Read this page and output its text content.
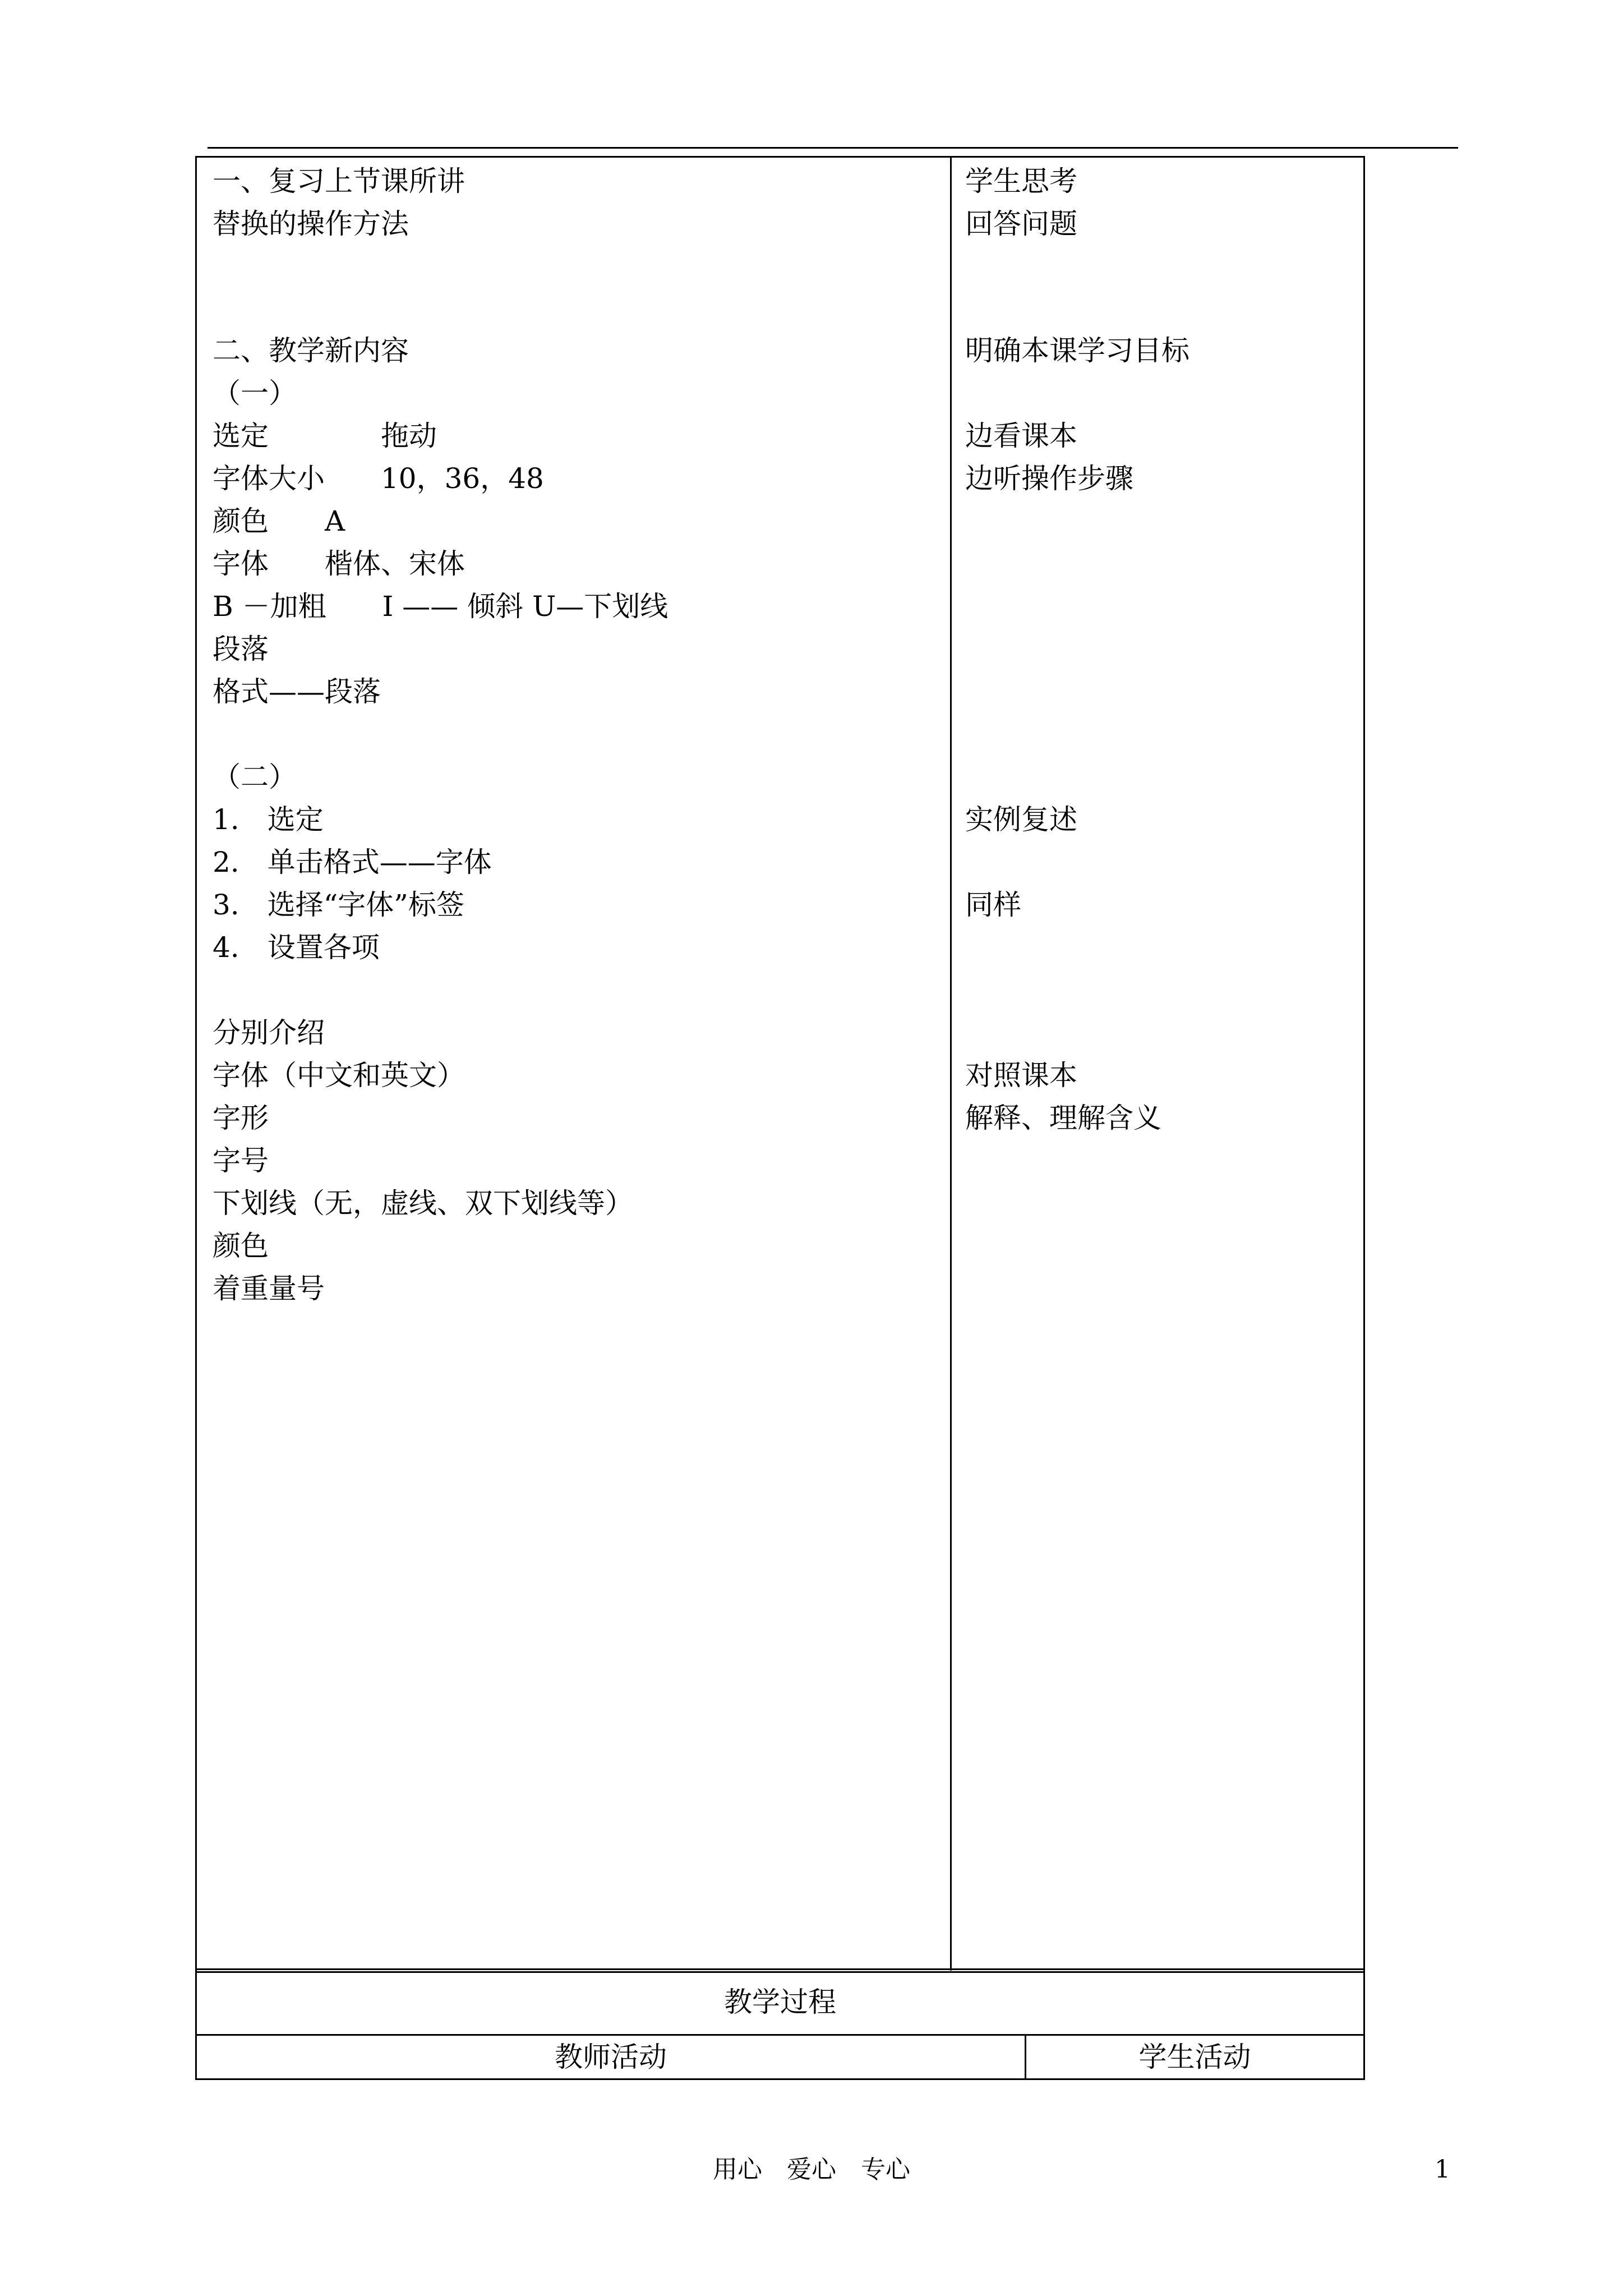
一、复习上节课所讲
替换的操作方法
二、教学新内容
（一）
选定　　　　拖动
字体大小　　10，36，48
颜色　　A
字体　　楷体、宋体
B －加粗　　I —— 倾斜 U—下划线
段落
格式——段落
（二）
1.　选定
2.　单击格式——字体
3.　选择“字体”标签
4.　设置各项
分别介绍
字体（中文和英文）
字形
字号
下划线（无，虚线、双下划线等）
颜色
着重量号
学生思考
回答问题
明确本课学习目标
边看课本
边听操作步骤
实例复述
同样
对照课本
解释、理解含义
教学过程
教师活动	学生活动
用心　爱心　专心	1
